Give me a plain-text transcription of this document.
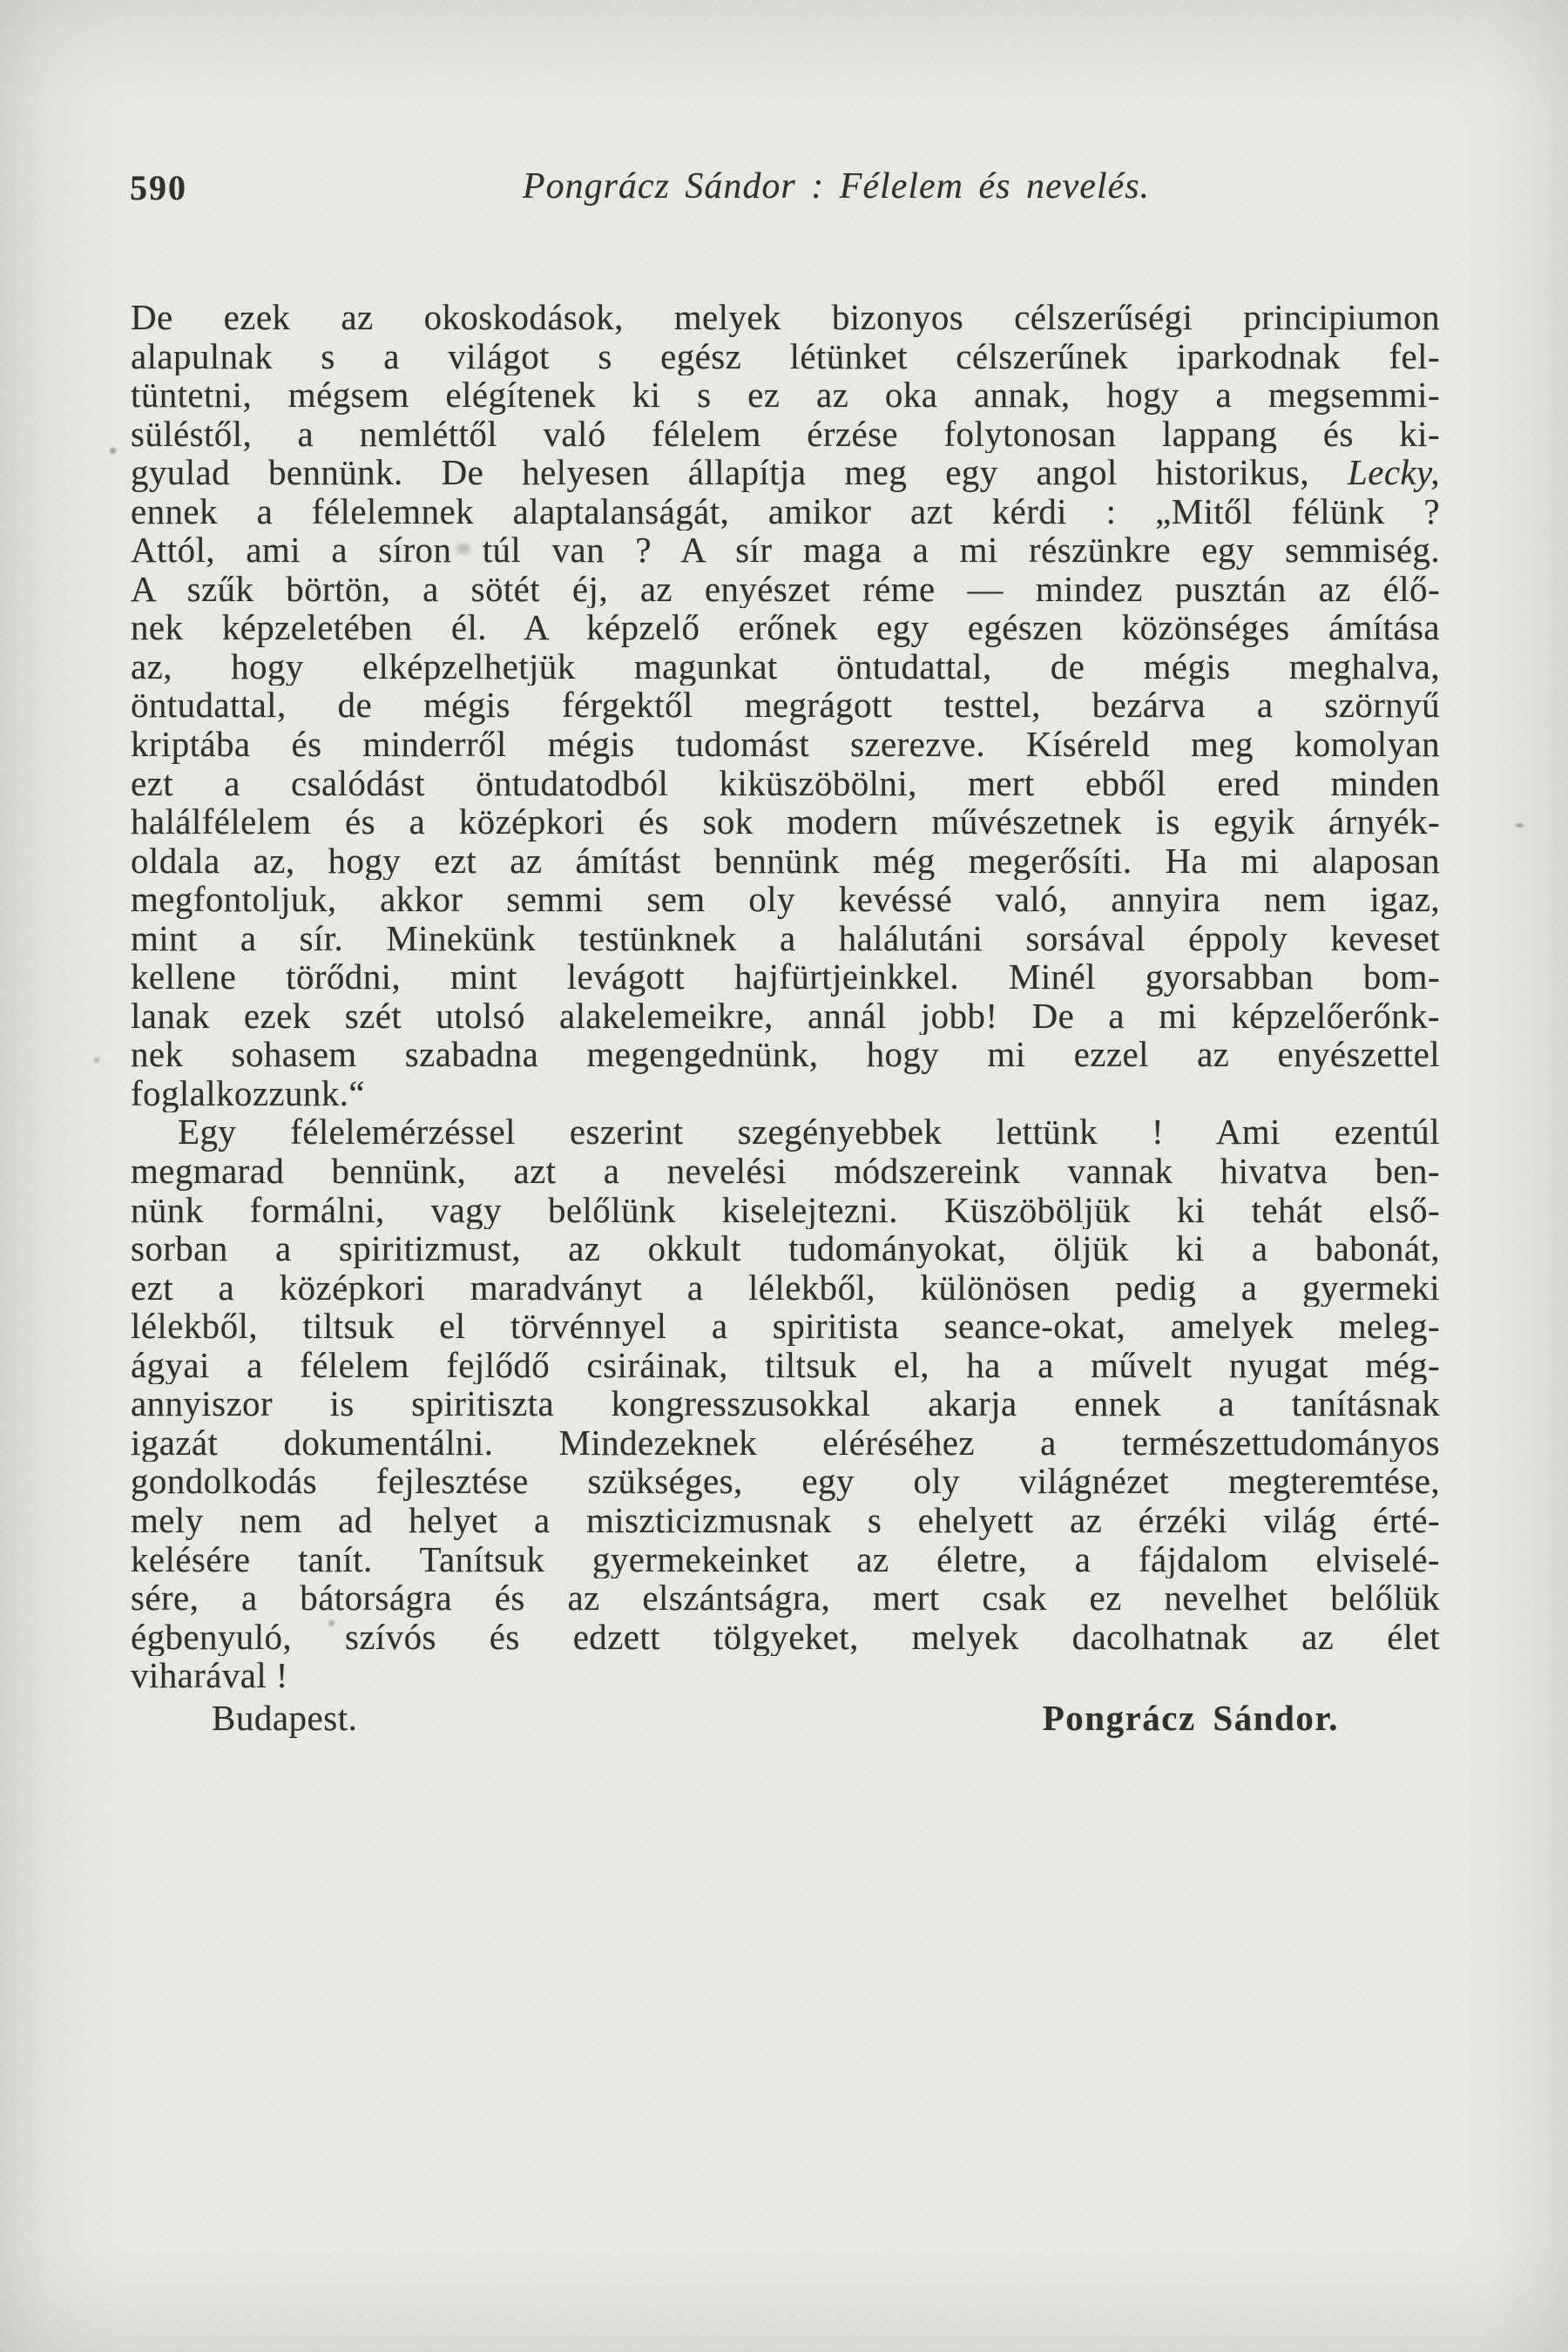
590	Pongrácz Sándor : Félelem és nevelés.
De ezek az okoskodások, melyek bizonyos célszerűségi principiumon
alapulnak s a világot s egész létünket célszerűnek iparkodnak fel-
tüntetni, mégsem elégítenek ki s ez az oka annak, hogy a megsemmi-
süléstől, a nemléttől való félelem érzése folytonosan lappang és ki-
gyulad bennünk. De helyesen állapítja meg egy angol historikus, Lecky,
ennek a félelemnek alaptalanságát, amikor azt kérdi : „Mitől félünk ?
Attól, ami a síron túl van ? A sír maga a mi részünkre egy semmiség.
A szűk börtön, a sötét éj, az enyészet réme — mindez pusztán az élő-
nek képzeletében él. A képzelő erőnek egy egészen közönséges ámítása
az, hogy elképzelhetjük magunkat öntudattal, de mégis meghalva,
öntudattal, de mégis férgektől megrágott testtel, bezárva a szörnyű
kriptába és minderről mégis tudomást szerezve. Kíséreld meg komolyan
ezt a csalódást öntudatodból kiküszöbölni, mert ebből ered minden
halálfélelem és a középkori és sok modern művészetnek is egyik árnyék-
oldala az, hogy ezt az ámítást bennünk még megerősíti. Ha mi alaposan
megfontoljuk, akkor semmi sem oly kevéssé való, annyira nem igaz,
mint a sír. Minekünk testünknek a halálutáni sorsával éppoly keveset
kellene törődni, mint levágott hajfürtjeinkkel. Minél gyorsabban bom-
lanak ezek szét utolsó alakelemeikre, annál jobb! De a mi képzelőerőnk-
nek sohasem szabadna megengednünk, hogy mi ezzel az enyészettel
foglalkozzunk.“
Egy félelemérzéssel eszerint szegényebbek lettünk ! Ami ezentúl
megmarad bennünk, azt a nevelési módszereink vannak hivatva ben-
nünk formálni, vagy belőlünk kiselejtezni. Küszöböljük ki tehát első-
sorban a spiritizmust, az okkult tudományokat, öljük ki a babonát,
ezt a középkori maradványt a lélekből, különösen pedig a gyermeki
lélekből, tiltsuk el törvénnyel a spiritista seance-okat, amelyek meleg-
ágyai a félelem fejlődő csiráinak, tiltsuk el, ha a művelt nyugat még-
annyiszor is spiritiszta kongresszusokkal akarja ennek a tanításnak
igazát dokumentálni. Mindezeknek eléréséhez a természettudományos
gondolkodás fejlesztése szükséges, egy oly világnézet megteremtése,
mely nem ad helyet a miszticizmusnak s ehelyett az érzéki világ érté-
kelésére tanít. Tanítsuk gyermekeinket az életre, a fájdalom elviselé-
sére, a bátorságra és az elszántságra, mert csak ez nevelhet belőlük
égbenyuló, szívós és edzett tölgyeket, melyek dacolhatnak az élet
viharával !
Budapest.	Pongrácz Sándor.
